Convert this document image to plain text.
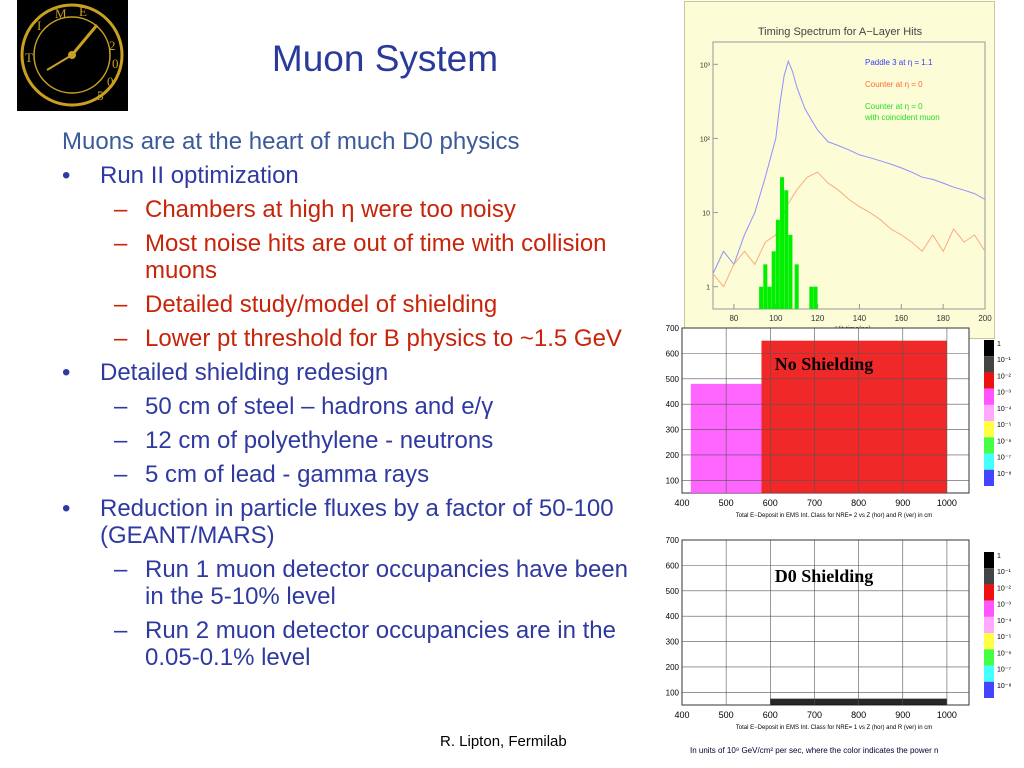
T
I
M E
2
0
0
5
Muon System
Muons are at the heart of much D0 physics
• Run II optimization
– Chambers at high η were too noisy
– Most noise hits are out of time with collision muons
– Detailed study/model of shielding
– Lower pt threshold for B physics to ~1.5 GeV
• Detailed shielding redesign
– 50 cm of steel – hadrons and e/γ
– 12 cm of polyethylene - neutrons
– 5 cm of lead - gamma rays
• Reduction in particle fluxes by a factor of 50-100 (GEANT/MARS)
– Run 1 muon detector occupancies have been in the 5-10% level
– Run 2 muon detector occupancies are in the 0.05-0.1% level
R. Lipton, Fermilab
Timing Spectrum for A−Layer Hits
80	100	120	140	160	180	200
1
10
10²
10³	Paddle 3 at η = 1.1
Counter at η = 0
Counter at η = 0
with coincident muon
400	500	600	700	800	900	1000
100
200
300
400
500
600
700
Total E−Deposit in EMS Int. Class for NRE= 2 vs Z (hor) and R (ver) in cm
1
10⁻¹
10⁻²
10⁻³
10⁻⁴
10⁻⁵
10⁻⁶
10⁻⁷
10⁻⁸
No Shielding
400	500	600	700	800	900	1000
100
200
300
400
500
600
700
Total E−Deposit in EMS Int. Class for NRE= 1 vs Z (hor) and R (ver) in cm
1
10⁻¹
10⁻²
10⁻³
10⁻⁴
10⁻⁵
10⁻⁶
10⁻⁷
10⁻⁸
D0 Shielding
In units of 10⁹ GeV/cm² per sec, where the color indicates the power n
